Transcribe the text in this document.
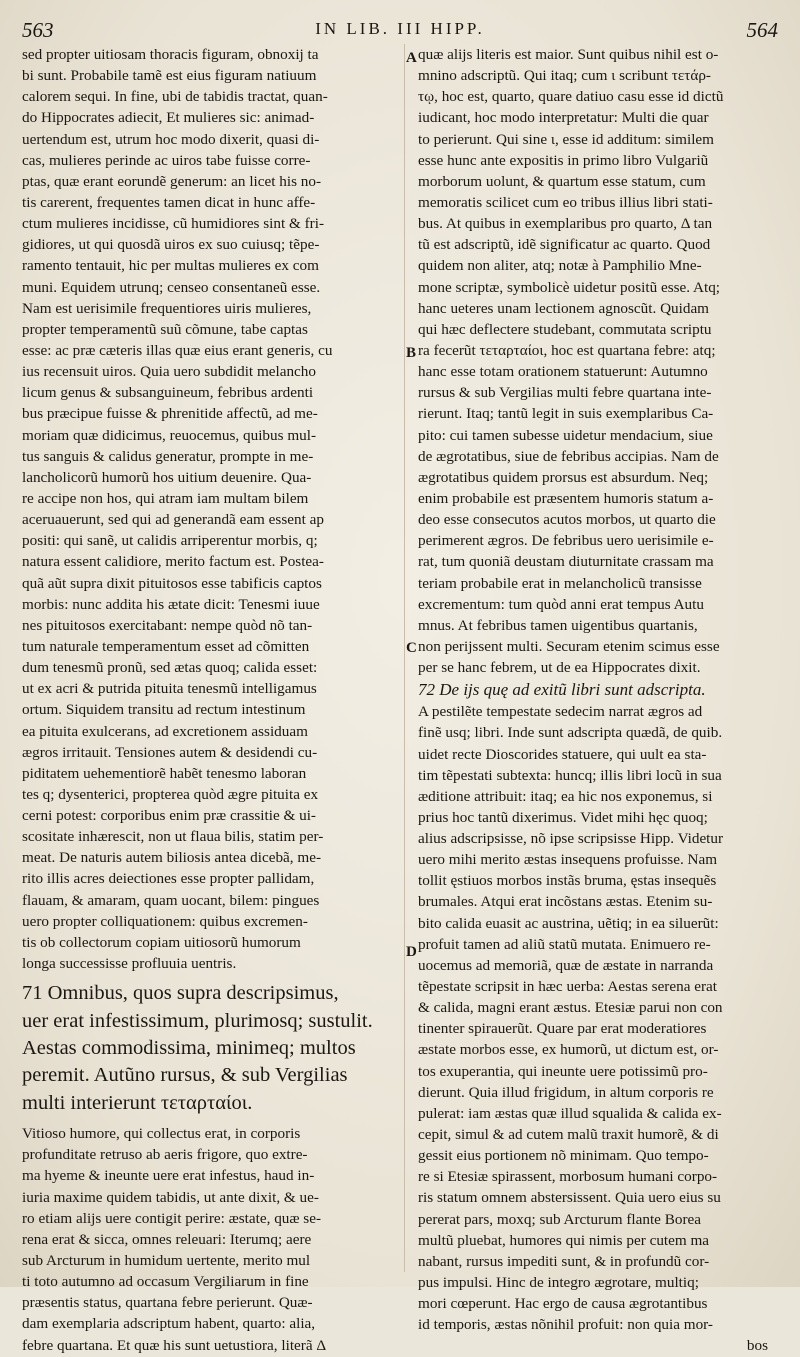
563	IN LIB. III HIPP.	564
sed propter uitiosam thoracis figuram, obnoxij ta
bi sunt. Probabile tamẽ est eius figuram natiuum
calorem sequi. In fine, ubi de tabidis tractat, quan-
do Hippocrates adiecit, Et mulieres sic: animad-
uertendum est, utrum hoc modo dixerit, quasi di-
cas, mulieres perinde ac uiros tabe fuisse corre-
ptas, quæ erant eorundẽ generum: an licet his no-
tis carerent, frequentes tamen dicat in hunc affe-
ctum mulieres incidisse, cũ humidiores sint & fri-
gidiores, ut qui quosdã uiros ex suo cuiusq; tẽpe-
ramento tentauit, hic per multas mulieres ex com
muni. Equidem utrunq; censeo consentaneũ esse.
Nam est uerisimile frequentiores uiris mulieres,
propter temperamentũ suũ cõmune, tabe captas
esse: ac præ cæteris illas quæ eius erant generis, cu
ius recensuit uiros. Quia uero subdidit melancho
licum genus & subsanguineum, febribus ardenti
bus præcipue fuisse & phrenitide affectũ, ad me-
moriam quæ didicimus, reuocemus, quibus mul-
tus sanguis & calidus generatur, prompte in me-
lancholicorũ humorũ hos uitium deuenire. Qua-
re accipe non hos, qui atram iam multam bilem
aceruauerunt, sed qui ad generandã eam essent ap
positi: qui sanẽ, ut calidis arriperentur morbis, q;
natura essent calidiore, merito factum est. Postea-
quã aũt supra dixit pituitosos esse tabificis captos
morbis: nunc addita his ætate dicit: Tenesmi iuue
nes pituitosos exercitabant: nempe quòd nõ tan-
tum naturale temperamentum esset ad cõmitten
dum tenesmũ pronũ, sed ætas quoq; calida esset:
ut ex acri & putrida pituita tenesmũ intelligamus
ortum. Siquidem transitu ad rectum intestinum
ea pituita exulcerans, ad excretionem assiduam
ægros irritauit. Tensiones autem & desidendi cu-
piditatem uehementiorẽ habẽt tenesmo laboran
tes q; dysenterici, propterea quòd ægre pituita ex
cerni potest: corporibus enim præ crassitie & ui-
scositate inhærescit, non ut flaua bilis, statim per-
meat. De naturis autem biliosis antea dicebã, me-
rito illis acres deiectiones esse propter pallidam,
flauam, & amaram, quam uocant, bilem: pingues
uero propter colliquationem: quibus excremen-
tis ob collectorum copiam uitiosorũ humorum
longa successisse profluuia uentris.
71 Omnibus, quos supra descripsimus,
uer erat infestissimum, plurimosq; sustulit.
Aestas commodissima, minimeq; multos
peremit. Autũno rursus, & sub Vergilias
multi interierunt τεταρταίοι.
Vitioso humore, qui collectus erat, in corporis
profunditate retruso ab aeris frigore, quo extre-
ma hyeme & ineunte uere erat infestus, haud in-
iuria maxime quidem tabidis, ut ante dixit, & ue-
ro etiam alijs uere contigit perire: æstate, quæ se-
rena erat & sicca, omnes releuari: Iterumq; aere
sub Arcturum in humidum uertente, merito mul
ti toto autumno ad occasum Vergiliarum in fine
præsentis status, quartana febre perierunt. Quæ-
dam exemplaria adscriptum habent, quarto: alia,
febre quartana. Et quæ his sunt uetustiora, literã Δ
quæ alijs literis est maior. Sunt quibus nihil est o-
mnino adscriptũ. Qui itaq; cum ι scribunt τετάρ-
τῳ, hoc est, quarto, quare datiuo casu esse id dictũ
iudicant, hoc modo interpretatur: Multi die quar
to perierunt. Qui sine ι, esse id additum: similem
esse hunc ante expositis in primo libro Vulgariũ
morborum uolunt, & quartum esse statum, cum
memoratis scilicet cum eo tribus illius libri stati-
bus. At quibus in exemplaribus pro quarto, Δ tan
tũ est adscriptũ, idẽ significatur ac quarto. Quod
quidem non aliter, atq; notæ à Pamphilio Mne-
mone scriptæ, symbolicè uidetur positũ esse. Atq;
hanc ueteres unam lectionem agnoscũt. Quidam
qui hæc deflectere studebant, commutata scriptu
ra fecerũt τεταρταίοι, hoc est quartana febre: atq;
hanc esse totam orationem statuerunt: Autumno
rursus & sub Vergilias multi febre quartana inte-
rierunt. Itaq; tantũ legit in suis exemplaribus Ca-
pito: cui tamen subesse uidetur mendacium, siue
de ægrotatibus, siue de febribus accipias. Nam de
ægrotatibus quidem prorsus est absurdum. Neq;
enim probabile est præsentem humoris statum a-
deo esse consecutos acutos morbos, ut quarto die
perimerent ægros. De febribus uero uerisimile e-
rat, tum quoniã deustam diuturnitate crassam ma
teriam probabile erat in melancholicũ transisse
excrementum: tum quòd anni erat tempus Autu
mnus. At febribus tamen uigentibus quartanis,
non perijssent multi. Securam etenim scimus esse
per se hanc febrem, ut de ea Hippocrates dixit.
72 De ijs quę ad exitũ libri sunt adscripta.
A pestilẽte tempestate sedecim narrat ægros ad
finẽ usq; libri. Inde sunt adscripta quædã, de quib.
uidet recte Dioscorides statuere, qui uult ea sta-
tim tẽpestati subtexta: huncq; illis libri locũ in sua
æditione attribuit: itaq; ea hic nos exponemus, si
prius hoc tantũ dixerimus. Videt mihi hęc quoq;
alius adscripsisse, nõ ipse scripsisse Hipp. Videtur
uero mihi merito æstas insequens profuisse. Nam
tollit ęstiuos morbos instãs bruma, ęstas insequẽs
brumales. Atqui erat incõstans æstas. Etenim su-
bito calida euasit ac austrina, uẽtiq; in ea siluerũt:
profuit tamen ad aliũ statũ mutata. Enimuero re-
uocemus ad memoriã, quæ de æstate in narranda
tẽpestate scripsit in hæc uerba: Aestas serena erat
& calida, magni erant æstus. Etesiæ parui non con
tinenter spirauerũt. Quare par erat moderatiores
æstate morbos esse, ex humorũ, ut dictum est, or-
tos exuperantia, qui ineunte uere potissimũ pro-
dierunt. Quia illud frigidum, in altum corporis re
pulerat: iam æstas quæ illud squalida & calida ex-
cepit, simul & ad cutem malũ traxit humorẽ, & di
gessit eius portionem nõ minimam. Quo tempo-
re si Etesiæ spirassent, morbosum humani corpo-
ris statum omnem abstersissent. Quia uero eius su
pererat pars, moxq; sub Arcturum flante Borea
multũ pluebat, humores qui nimis per cutem ma
nabant, rursus impediti sunt, & in profundũ cor-
pus impulsi. Hinc de integro ægrotare, multiq;
mori cœperunt. Hac ergo de causa ægrotantibus
id temporis, æstas nõnihil profuit: non quia mor-
bos
A
B
C
D
